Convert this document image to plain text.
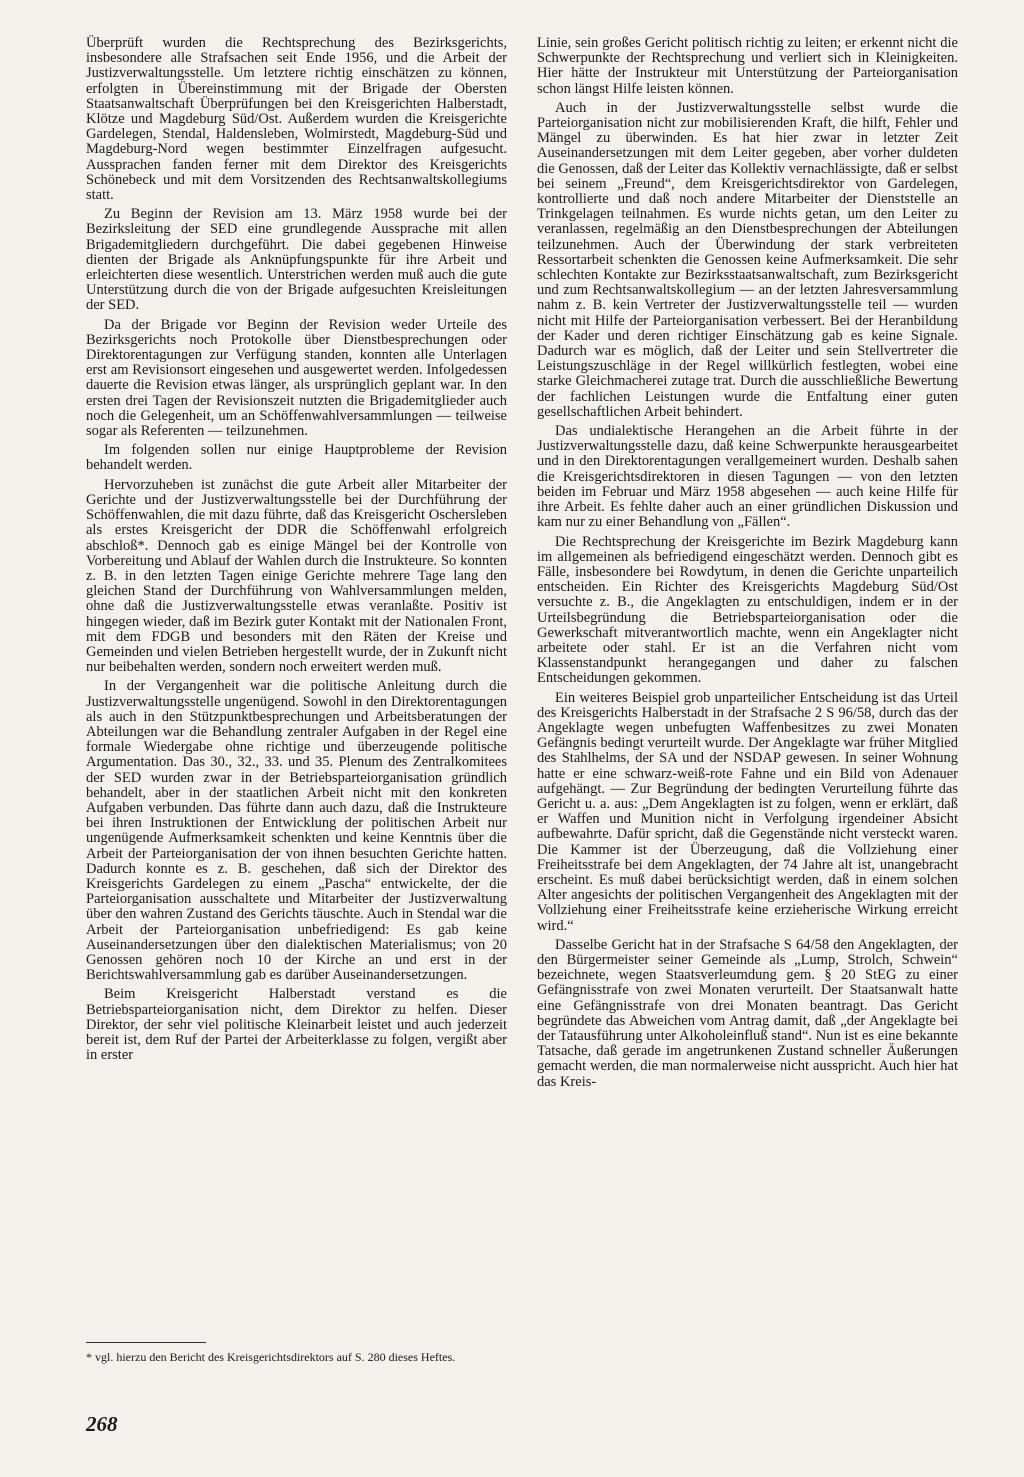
Überprüft wurden die Rechtsprechung des Bezirksgerichts, insbesondere alle Strafsachen seit Ende 1956, und die Arbeit der Justizverwaltungsstelle. Um letztere richtig einschätzen zu können, erfolgten in Übereinstimmung mit der Brigade der Obersten Staatsanwaltschaft Überprüfungen bei den Kreisgerichten Halberstadt, Klötze und Magdeburg Süd/Ost. Außerdem wurden die Kreisgerichte Gardelegen, Stendal, Haldensleben, Wolmirstedt, Magdeburg-Süd und Magdeburg-Nord wegen bestimmter Einzelfragen aufgesucht. Aussprachen fanden ferner mit dem Direktor des Kreisgerichts Schönebeck und mit dem Vorsitzenden des Rechtsanwaltskollegiums statt.

Zu Beginn der Revision am 13. März 1958 wurde bei der Bezirksleitung der SED eine grundlegende Aussprache mit allen Brigademitgliedern durchgeführt. Die dabei gegebenen Hinweise dienten der Brigade als Anknüpfungspunkte für ihre Arbeit und erleichterten diese wesentlich. Unterstrichen werden muß auch die gute Unterstützung durch die von der Brigade aufgesuchten Kreisleitungen der SED.

Da der Brigade vor Beginn der Revision weder Urteile des Bezirksgerichts noch Protokolle über Dienstbesprechungen oder Direktorentagungen zur Verfügung standen, konnten alle Unterlagen erst am Revisionsort eingesehen und ausgewertet werden. Infolgedessen dauerte die Revision etwas länger, als ursprünglich geplant war. In den ersten drei Tagen der Revisionszeit nutzten die Brigademitglieder auch noch die Gelegenheit, um an Schöffenwahlversammlungen — teilweise sogar als Referenten — teilzunehmen.

Im folgenden sollen nur einige Hauptprobleme der Revision behandelt werden.

Hervorzuheben ist zunächst die gute Arbeit aller Mitarbeiter der Gerichte und der Justizverwaltungsstelle bei der Durchführung der Schöffenwahlen, die mit dazu führte, daß das Kreisgericht Oschersleben als erstes Kreisgericht der DDR die Schöffenwahl erfolgreich abschloß*. Dennoch gab es einige Mängel bei der Kontrolle von Vorbereitung und Ablauf der Wahlen durch die Instrukteure. So konnten z. B. in den letzten Tagen einige Gerichte mehrere Tage lang den gleichen Stand der Durchführung von Wahlversammlungen melden, ohne daß die Justizverwaltungsstelle etwas veranlaßte. Positiv ist hingegen wieder, daß im Bezirk guter Kontakt mit der Nationalen Front, mit dem FDGB und besonders mit den Räten der Kreise und Gemeinden und vielen Betrieben hergestellt wurde, der in Zukunft nicht nur beibehalten werden, sondern noch erweitert werden muß.

In der Vergangenheit war die politische Anleitung durch die Justizverwaltungsstelle ungenügend. Sowohl in den Direktorentagungen als auch in den Stützpunktbesprechungen und Arbeitsberatungen der Abteilungen war die Behandlung zentraler Aufgaben in der Regel eine formale Wiedergabe ohne richtige und überzeugende politische Argumentation. Das 30., 32., 33. und 35. Plenum des Zentralkomitees der SED wurden zwar in der Betriebsparteiorganisation gründlich behandelt, aber in der staatlichen Arbeit nicht mit den konkreten Aufgaben verbunden. Das führte dann auch dazu, daß die Instrukteure bei ihren Instruktionen der Entwicklung der politischen Arbeit nur ungenügende Aufmerksamkeit schenkten und keine Kenntnis über die Arbeit der Parteiorganisation der von ihnen besuchten Gerichte hatten. Dadurch konnte es z. B. geschehen, daß sich der Direktor des Kreisgerichts Gardelegen zu einem „Pascha“ entwickelte, der die Parteiorganisation ausschaltete und Mitarbeiter der Justizverwaltung über den wahren Zustand des Gerichts täuschte. Auch in Stendal war die Arbeit der Parteiorganisation unbefriedigend: Es gab keine Auseinandersetzungen über den dialektischen Materialismus; von 20 Genossen gehören noch 10 der Kirche an und erst in der Berichtswahlversammlung gab es darüber Auseinandersetzungen.

Beim Kreisgericht Halberstadt verstand es die Betriebsparteiorganisation nicht, dem Direktor zu helfen. Dieser Direktor, der sehr viel politische Kleinarbeit leistet und auch jederzeit bereit ist, dem Ruf der Partei der Arbeiterklasse zu folgen, vergißt aber in erster

Linie, sein großes Gericht politisch richtig zu leiten; er erkennt nicht die Schwerpunkte der Rechtsprechung und verliert sich in Kleinigkeiten. Hier hätte der Instrukteur mit Unterstützung der Parteiorganisation schon längst Hilfe leisten können.

Auch in der Justizverwaltungsstelle selbst wurde die Parteiorganisation nicht zur mobilisierenden Kraft, die hilft, Fehler und Mängel zu überwinden. Es hat hier zwar in letzter Zeit Auseinandersetzungen mit dem Leiter gegeben, aber vorher duldeten die Genossen, daß der Leiter das Kollektiv vernachlässigte, daß er selbst bei seinem „Freund“, dem Kreisgerichtsdirektor von Gardelegen, kontrollierte und daß noch andere Mitarbeiter der Dienststelle an Trinkgelagen teilnahmen. Es wurde nichts getan, um den Leiter zu veranlassen, regelmäßig an den Dienstbesprechungen der Abteilungen teilzunehmen. Auch der Überwindung der stark verbreiteten Ressortarbeit schenkten die Genossen keine Aufmerksamkeit. Die sehr schlechten Kontakte zur Bezirksstaatsanwaltschaft, zum Bezirksgericht und zum Rechtsanwaltskollegium — an der letzten Jahresversammlung nahm z. B. kein Vertreter der Justizverwaltungsstelle teil — wurden nicht mit Hilfe der Parteiorganisation verbessert. Bei der Heranbildung der Kader und deren richtiger Einschätzung gab es keine Signale. Dadurch war es möglich, daß der Leiter und sein Stellvertreter die Leistungszuschläge in der Regel willkürlich festlegten, wobei eine starke Gleichmacherei zutage trat. Durch die ausschließliche Bewertung der fachlichen Leistungen wurde die Entfaltung einer guten gesellschaftlichen Arbeit behindert.

Das undialektische Herangehen an die Arbeit führte in der Justizverwaltungsstelle dazu, daß keine Schwerpunkte herausgearbeitet und in den Direktorentagungen verallgemeinert wurden. Deshalb sahen die Kreisgerichtsdirektoren in diesen Tagungen — von den letzten beiden im Februar und März 1958 abgesehen — auch keine Hilfe für ihre Arbeit. Es fehlte daher auch an einer gründlichen Diskussion und kam nur zu einer Behandlung von „Fällen“.

Die Rechtsprechung der Kreisgerichte im Bezirk Magdeburg kann im allgemeinen als befriedigend eingeschätzt werden. Dennoch gibt es Fälle, insbesondere bei Rowdytum, in denen die Gerichte unparteilich entscheiden. Ein Richter des Kreisgerichts Magdeburg Süd/Ost versuchte z. B., die Angeklagten zu entschuldigen, indem er in der Urteilsbegründung die Betriebsparteiorganisation oder die Gewerkschaft mitverantwortlich machte, wenn ein Angeklagter nicht arbeitete oder stahl. Er ist an die Verfahren nicht vom Klassenstandpunkt herangegangen und daher zu falschen Entscheidungen gekommen.

Ein weiteres Beispiel grob unparteilicher Entscheidung ist das Urteil des Kreisgerichts Halberstadt in der Strafsache 2 S 96/58, durch das der Angeklagte wegen unbefugten Waffenbesitzes zu zwei Monaten Gefängnis bedingt verurteilt wurde. Der Angeklagte war früher Mitglied des Stahlhelms, der SA und der NSDAP gewesen. In seiner Wohnung hatte er eine schwarz-weiß-rote Fahne und ein Bild von Adenauer aufgehängt. — Zur Begründung der bedingten Verurteilung führte das Gericht u. a. aus: „Dem Angeklagten ist zu folgen, wenn er erklärt, daß er Waffen und Munition nicht in Verfolgung irgendeiner Absicht aufbewahrte. Dafür spricht, daß die Gegenstände nicht versteckt waren. Die Kammer ist der Überzeugung, daß die Vollziehung einer Freiheitsstrafe bei dem Angeklagten, der 74 Jahre alt ist, unangebracht erscheint. Es muß dabei berücksichtigt werden, daß in einem solchen Alter angesichts der politischen Vergangenheit des Angeklagten mit der Vollziehung einer Freiheitsstrafe keine erzieherische Wirkung erreicht wird.“

Dasselbe Gericht hat in der Strafsache S 64/58 den Angeklagten, der den Bürgermeister seiner Gemeinde als „Lump, Strolch, Schwein“ bezeichnete, wegen Staatsverleumdung gem. § 20 StEG zu einer Gefängnisstrafe von zwei Monaten verurteilt. Der Staatsanwalt hatte eine Gefängnisstrafe von drei Monaten beantragt. Das Gericht begründete das Abweichen vom Antrag damit, daß „der Angeklagte bei der Tatausführung unter Alkoholeinfluß stand“. Nun ist es eine bekannte Tatsache, daß gerade im angetrunkenen Zustand schneller Äußerungen gemacht werden, die man normalerweise nicht ausspricht. Auch hier hat das Kreis-

* vgl. hierzu den Bericht des Kreisgerichtsdirektors auf S. 280 dieses Heftes.

268
